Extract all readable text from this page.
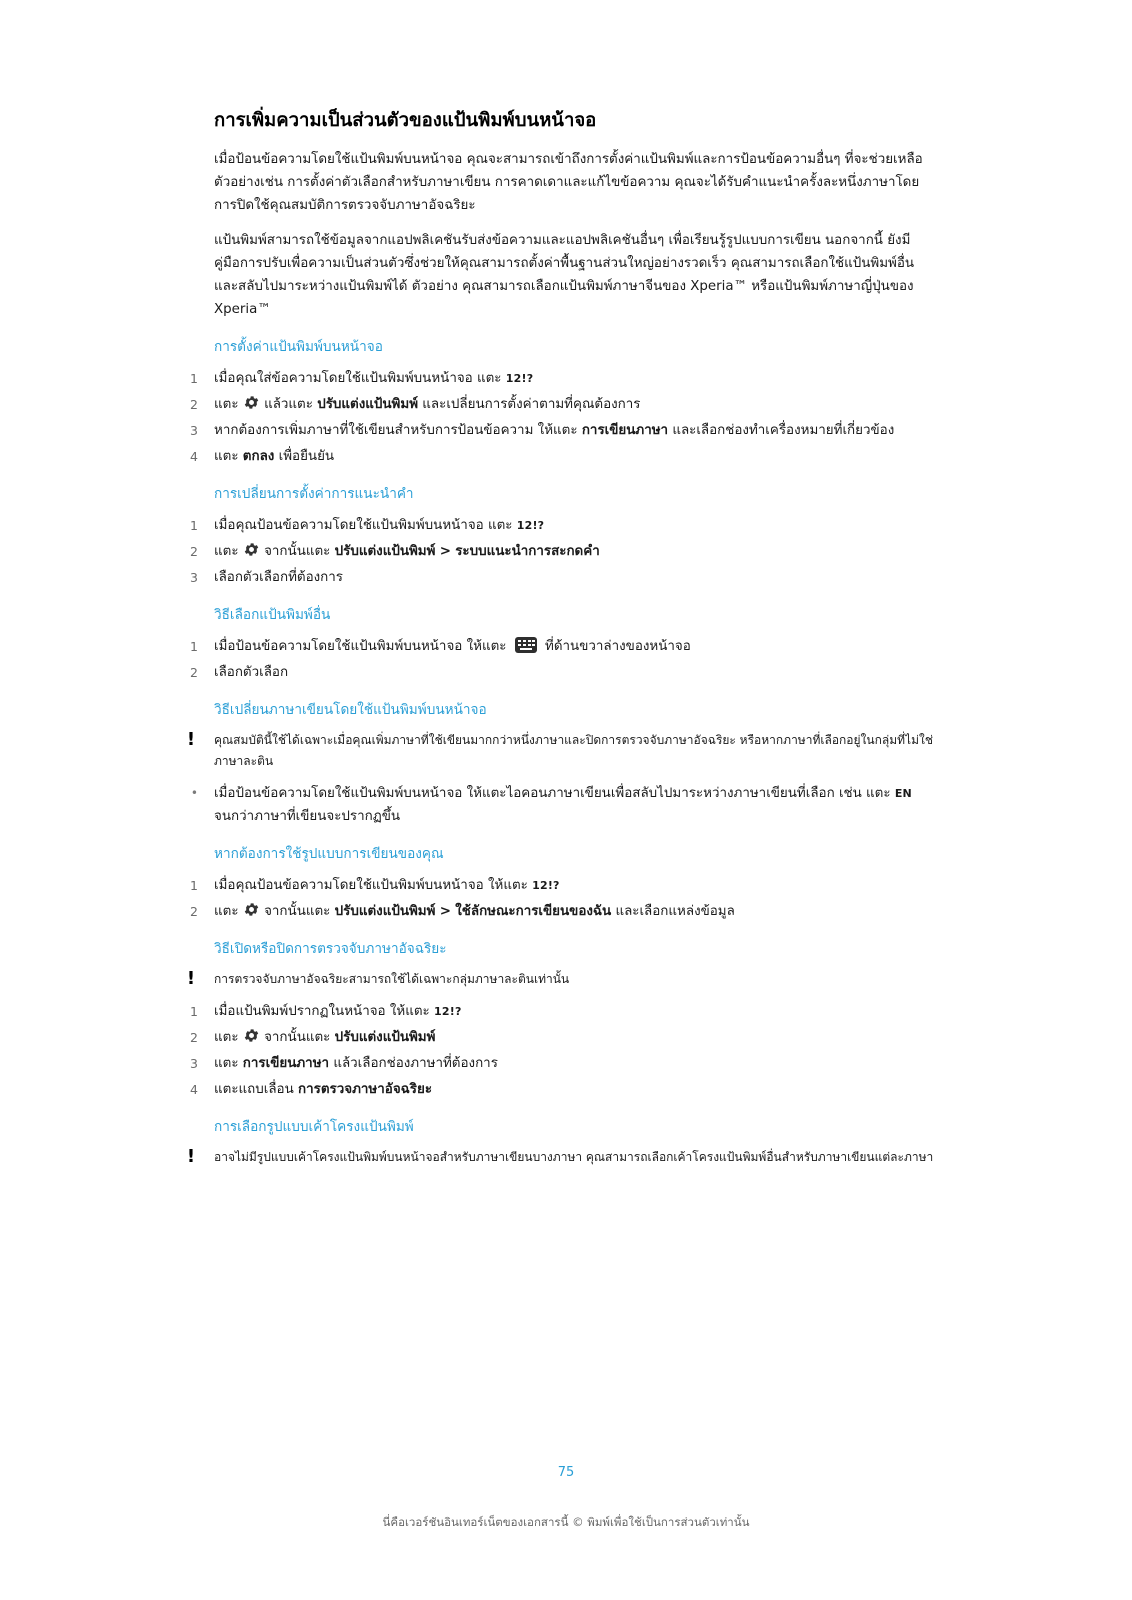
การเพิ่มความเป็นส่วนตัวของแป้นพิมพ์บนหน้าจอ

เมื่อป้อนข้อความโดยใช้แป้นพิมพ์บนหน้าจอ คุณจะสามารถเข้าถึงการตั้งค่าแป้นพิมพ์และการป้อนข้อความอื่นๆ ที่จะช่วยเหลือ ตัวอย่างเช่น การตั้งค่าตัวเลือกสำหรับภาษาเขียน การคาดเดาและแก้ไขข้อความ คุณจะได้รับคำแนะนำครั้งละหนึ่งภาษาโดยการปิดใช้คุณสมบัติการตรวจจับภาษาอัจฉริยะ

แป้นพิมพ์สามารถใช้ข้อมูลจากแอปพลิเคชันรับส่งข้อความและแอปพลิเคชันอื่นๆ เพื่อเรียนรู้รูปแบบการเขียน นอกจากนี้ ยังมีคู่มือการปรับเพื่อความเป็นส่วนตัวซึ่งช่วยให้คุณสามารถตั้งค่าพื้นฐานส่วนใหญ่อย่างรวดเร็ว คุณสามารถเลือกใช้แป้นพิมพ์อื่นและสลับไปมาระหว่างแป้นพิมพ์ได้ ตัวอย่าง คุณสามารถเลือกแป้นพิมพ์ภาษาจีนของ Xperia™ หรือแป้นพิมพ์ภาษาญี่ปุ่นของ Xperia™

การตั้งค่าแป้นพิมพ์บนหน้าจอ
1 เมื่อคุณใส่ข้อความโดยใช้แป้นพิมพ์บนหน้าจอ แตะ 12!?
2 แตะ แล้วแตะ ปรับแต่งแป้นพิมพ์ และเปลี่ยนการตั้งค่าตามที่คุณต้องการ
3 หากต้องการเพิ่มภาษาที่ใช้เขียนสำหรับการป้อนข้อความ ให้แตะ การเขียนภาษา และเลือกช่องทำเครื่องหมายที่เกี่ยวข้อง
4 แตะ ตกลง เพื่อยืนยัน
การเปลี่ยนการตั้งค่าการแนะนำคำ
1 เมื่อคุณป้อนข้อความโดยใช้แป้นพิมพ์บนหน้าจอ แตะ 12!?
2 แตะ จากนั้นแตะ ปรับแต่งแป้นพิมพ์ > ระบบแนะนำการสะกดคำ
3 เลือกตัวเลือกที่ต้องการ
วิธีเลือกแป้นพิมพ์อื่น
1 เมื่อป้อนข้อความโดยใช้แป้นพิมพ์บนหน้าจอ ให้แตะ	ที่ด้านขวาล่างของหน้าจอ
2 เลือกตัวเลือก
วิธีเปลี่ยนภาษาเขียนโดยใช้แป้นพิมพ์บนหน้าจอ
! คุณสมบัตินี้ใช้ได้เฉพาะเมื่อคุณเพิ่มภาษาที่ใช้เขียนมากกว่าหนึ่งภาษาและปิดการตรวจจับภาษาอัจฉริยะ หรือหากภาษาที่เลือกอยู่ในกลุ่มที่ไม่ใช่ภาษาละติน
• เมื่อป้อนข้อความโดยใช้แป้นพิมพ์บนหน้าจอ ให้แตะไอคอนภาษาเขียนเพื่อสลับไปมาระหว่างภาษาเขียนที่เลือก เช่น แตะ EN จนกว่าภาษาที่เขียนจะปรากฏขึ้น
หากต้องการใช้รูปแบบการเขียนของคุณ
1 เมื่อคุณป้อนข้อความโดยใช้แป้นพิมพ์บนหน้าจอ ให้แตะ 12!?
2 แตะ จากนั้นแตะ ปรับแต่งแป้นพิมพ์ > ใช้ลักษณะการเขียนของฉัน และเลือกแหล่งข้อมูล
วิธีเปิดหรือปิดการตรวจจับภาษาอัจฉริยะ
! การตรวจจับภาษาอัจฉริยะสามารถใช้ได้เฉพาะกลุ่มภาษาละตินเท่านั้น
1 เมื่อแป้นพิมพ์ปรากฏในหน้าจอ ให้แตะ 12!?
2 แตะ จากนั้นแตะ ปรับแต่งแป้นพิมพ์
3 แตะ การเขียนภาษา แล้วเลือกช่องภาษาที่ต้องการ
4 แตะแถบเลื่อน การตรวจภาษาอัจฉริยะ
การเลือกรูปแบบเค้าโครงแป้นพิมพ์
! อาจไม่มีรูปแบบเค้าโครงแป้นพิมพ์บนหน้าจอสำหรับภาษาเขียนบางภาษา คุณสามารถเลือกเค้าโครงแป้นพิมพ์อื่นสำหรับภาษาเขียนแต่ละภาษา
75
นี่คือเวอร์ชันอินเทอร์เน็ตของเอกสารนี้ © พิมพ์เพื่อใช้เป็นการส่วนตัวเท่านั้น
